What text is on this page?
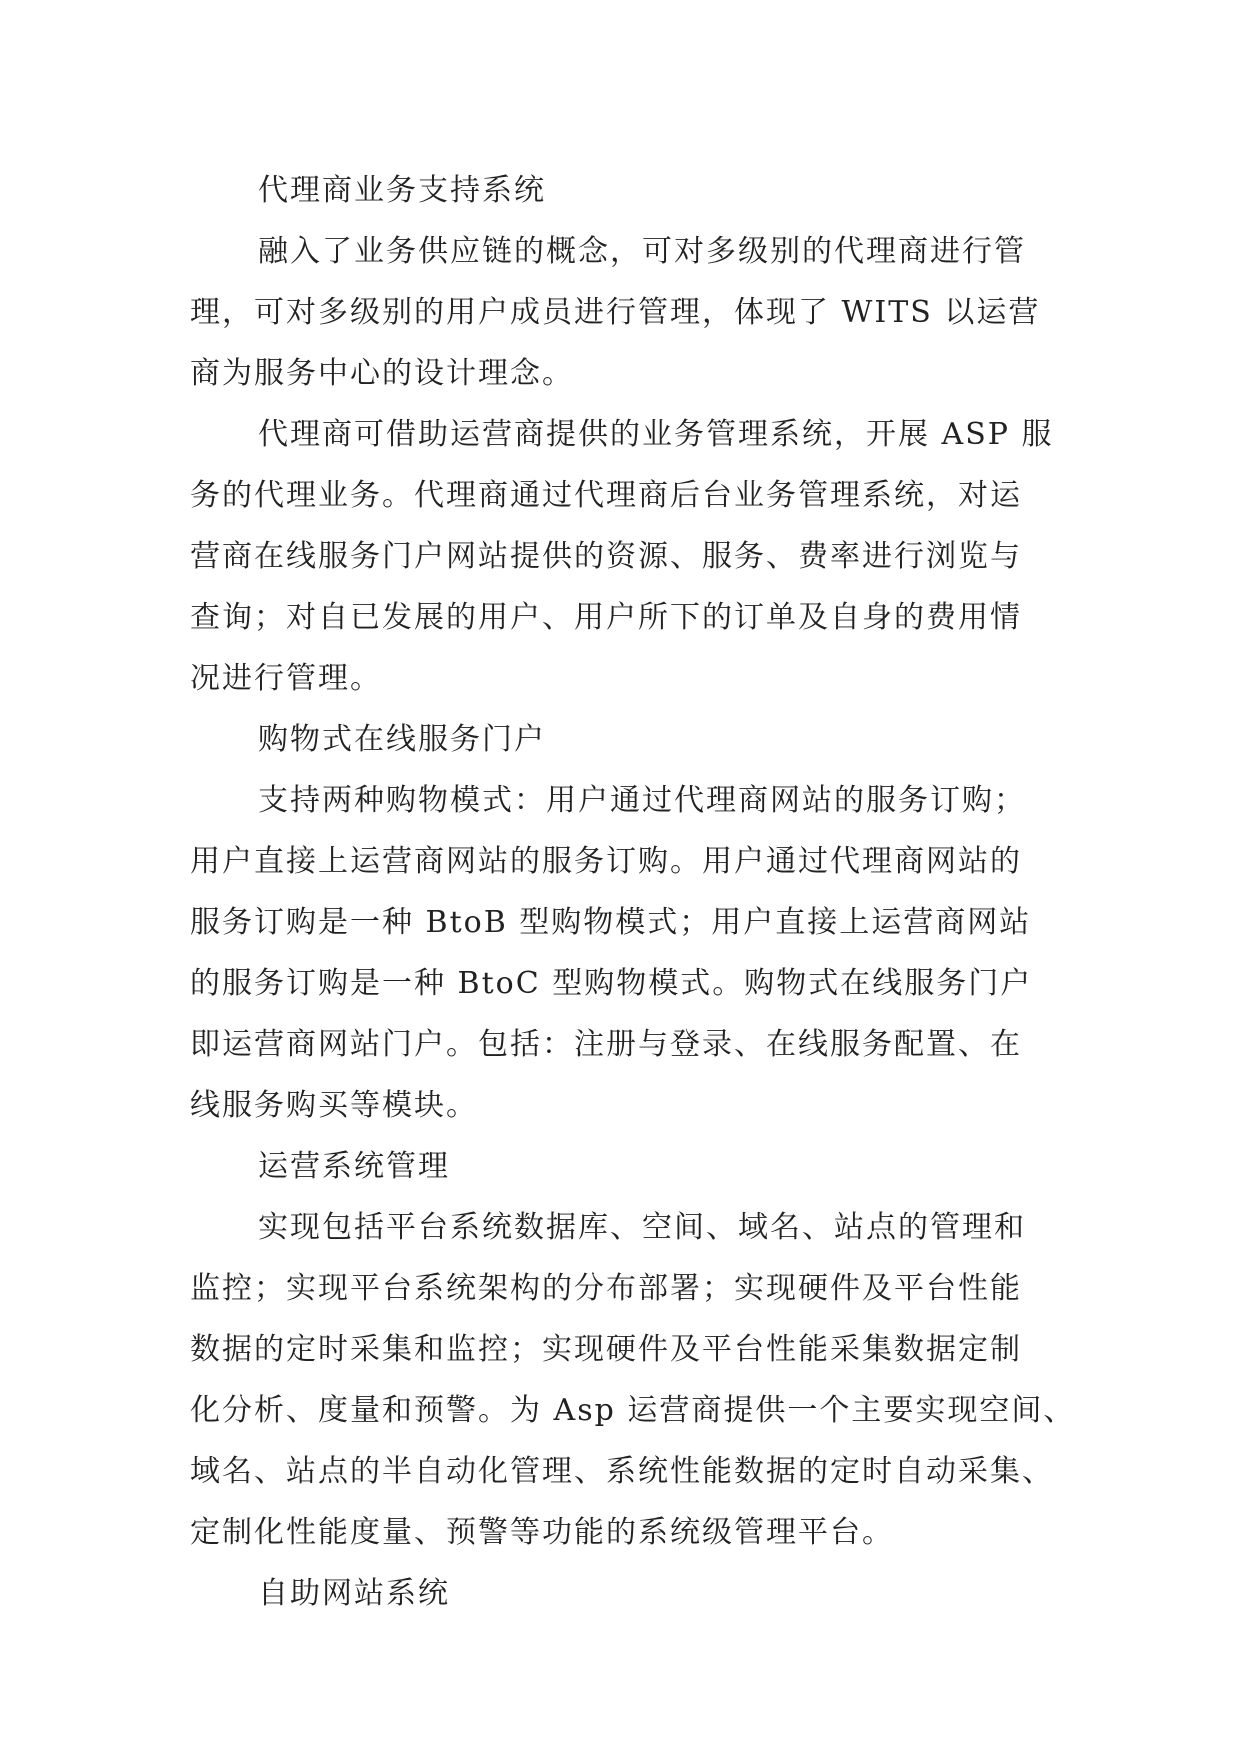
代理商业务支持系统
融入了业务供应链的概念，可对多级别的代理商进行管
理，可对多级别的用户成员进行管理，体现了 WITS 以运营
商为服务中心的设计理念。
代理商可借助运营商提供的业务管理系统，开展 ASP 服
务的代理业务。代理商通过代理商后台业务管理系统，对运
营商在线服务门户网站提供的资源、服务、费率进行浏览与
查询；对自已发展的用户、用户所下的订单及自身的费用情
况进行管理。
购物式在线服务门户
支持两种购物模式：用户通过代理商网站的服务订购；
用户直接上运营商网站的服务订购。用户通过代理商网站的
服务订购是一种 BtoB 型购物模式；用户直接上运营商网站
的服务订购是一种 BtoC 型购物模式。购物式在线服务门户
即运营商网站门户。包括：注册与登录、在线服务配置、在
线服务购买等模块。
运营系统管理
实现包括平台系统数据库、空间、域名、站点的管理和
监控；实现平台系统架构的分布部署；实现硬件及平台性能
数据的定时采集和监控；实现硬件及平台性能采集数据定制
化分析、度量和预警。为 Asp 运营商提供一个主要实现空间、
域名、站点的半自动化管理、系统性能数据的定时自动采集、
定制化性能度量、预警等功能的系统级管理平台。
自助网站系统
